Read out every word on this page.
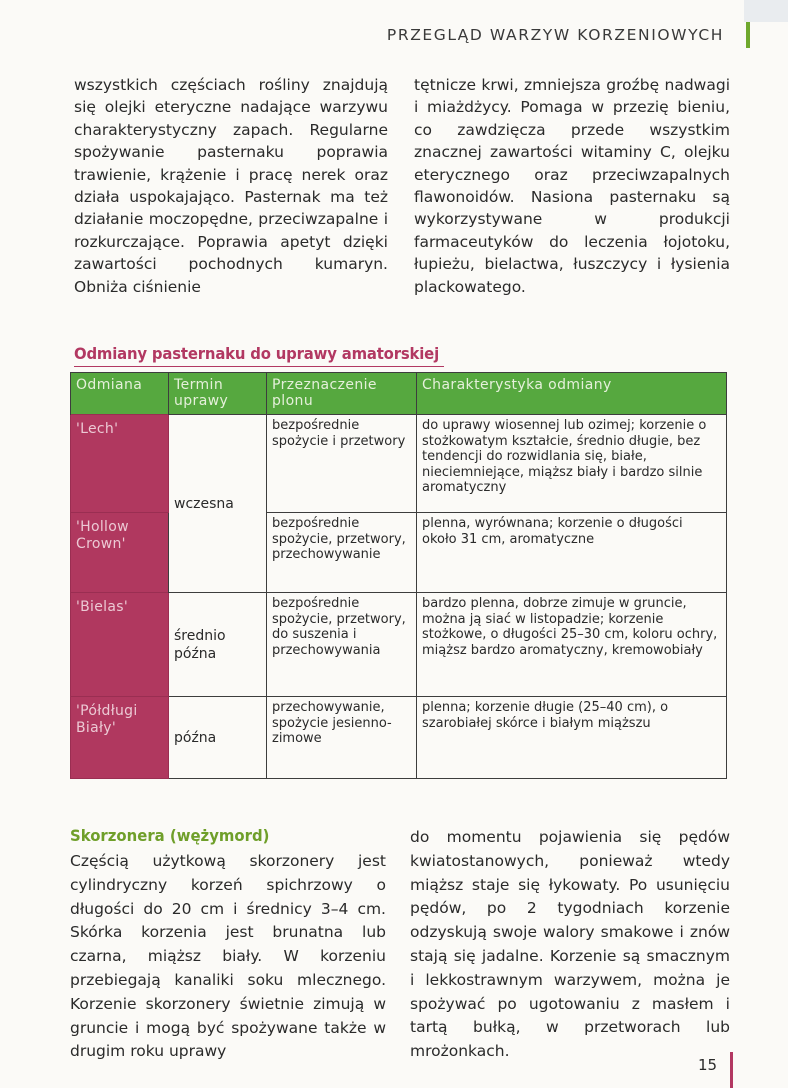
PRZEGLĄD WARZYW KORZENIOWYCH

wszystkich częściach rośliny znajdują się olejki eteryczne nadające warzywu charakterystyczny zapach. Regularne spożywanie pasternaku poprawia trawienie, krążenie i pracę nerek oraz działa uspokajająco. Pasternak ma też działanie moczopędne, przeciwzapalne i rozkurczające. Poprawia apetyt dzięki zawartości pochodnych kumaryn. Obniża ciśnienie

tętnicze krwi, zmniejsza groźbę nadwagi i miażdżycy. Pomaga w przezię bieniu, co zawdzięcza przede wszystkim znacznej zawartości witaminy C, olejku eterycznego oraz przeciwzapalnych flawonoidów. Nasiona pasternaku są wykorzystywane w produkcji farmaceutyków do leczenia łojotoku, łupieżu, bielactwa, łuszczycy i łysienia plackowatego.

Odmiany pasternaku do uprawy amatorskiej
Odmiana	Termin uprawy	Przeznaczenie plonu	Charakterystyka odmiany
'Lech'	wczesna	bezpośrednie spożycie i przetwory	do uprawy wiosennej lub ozimej; korzenie o stożkowatym kształcie, średnio długie, bez tendencji do rozwidlania się, białe, nieciemniejące, miąższ biały i bardzo silnie aromatyczny
'Hollow Crown'		bezpośrednie spożycie, przetwory, przechowywanie	plenna, wyrównana; korzenie o długości około 31 cm, aromatyczne
'Bielas'	średnio późna	bezpośrednie spożycie, przetwory, do suszenia i przechowywania	bardzo plenna, dobrze zimuje w gruncie, można ją siać w listopadzie; korzenie stożkowe, o długości 25–30 cm, koloru ochry, miąższ bardzo aromatyczny, kremowobiały
'Półdługi Biały'	późna	przechowywanie, spożycie jesienno-zimowe	plenna; korzenie długie (25–40 cm), o szarobiałej skórce i białym miąższu
Skorzonera (wężymord)

Częścią użytkową skorzonery jest cylindryczny korzeń spichrzowy o długości do 20 cm i średnicy 3–4 cm. Skórka korzenia jest brunatna lub czarna, miąższ biały. W korzeniu przebiegają kanaliki soku mlecznego. Korzenie skorzonery świetnie zimują w gruncie i mogą być spożywane także w drugim roku uprawy

do momentu pojawienia się pędów kwiatostanowych, ponieważ wtedy miąższ staje się łykowaty. Po usunięciu pędów, po 2 tygodniach korzenie odzyskują swoje walory smakowe i znów stają się jadalne. Korzenie są smacznym i lekkostrawnym warzywem, można je spożywać po ugotowaniu z masłem i tartą bułką, w przetworach lub mrożonkach.

15
